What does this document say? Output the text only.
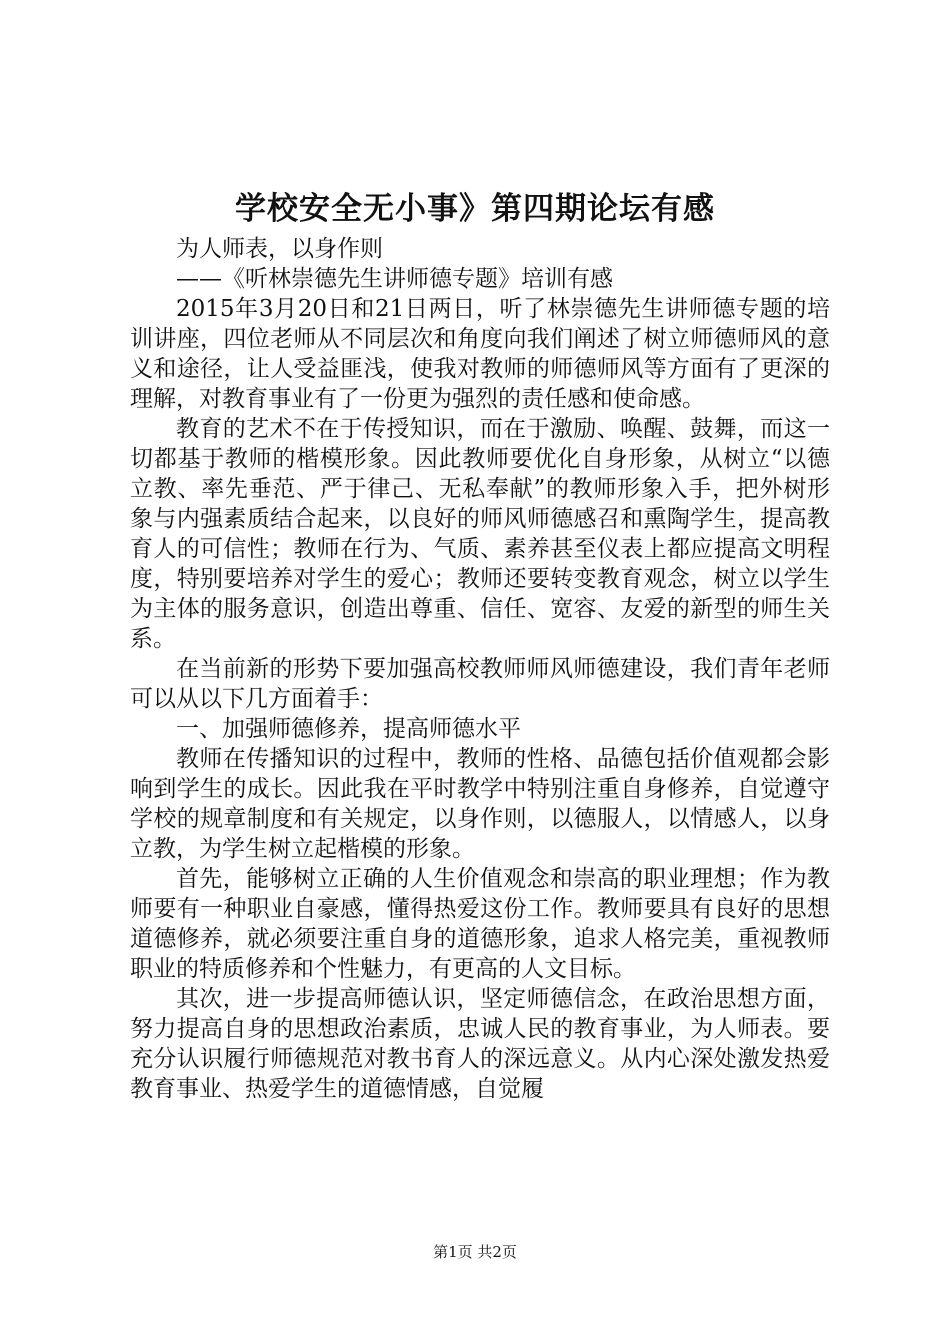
学校安全无小事》第四期论坛有感

为人师表，以身作则

——《听林崇德先生讲师德专题》培训有感

2015年3月20日和21日两日，听了林崇德先生讲师德专题的培训讲座，四位老师从不同层次和角度向我们阐述了树立师德师风的意义和途径，让人受益匪浅，使我对教师的师德师风等方面有了更深的理解，对教育事业有了一份更为强烈的责任感和使命感。

教育的艺术不在于传授知识，而在于激励、唤醒、鼓舞，而这一切都基于教师的楷模形象。因此教师要优化自身形象，从树立“以德立教、率先垂范、严于律己、无私奉献”的教师形象入手，把外树形象与内强素质结合起来，以良好的师风师德感召和熏陶学生，提高教育人的可信性；教师在行为、气质、素养甚至仪表上都应提高文明程度，特别要培养对学生的爱心；教师还要转变教育观念，树立以学生为主体的服务意识，创造出尊重、信任、宽容、友爱的新型的师生关系。

在当前新的形势下要加强高校教师师风师德建设，我们青年老师可以从以下几方面着手：

一、加强师德修养，提高师德水平

教师在传播知识的过程中，教师的性格、品德包括价值观都会影响到学生的成长。因此我在平时教学中特别注重自身修养，自觉遵守学校的规章制度和有关规定，以身作则，以德服人，以情感人，以身立教，为学生树立起楷模的形象。

首先，能够树立正确的人生价值观念和崇高的职业理想；作为教师要有一种职业自豪感，懂得热爱这份工作。教师要具有良好的思想道德修养，就必须要注重自身的道德形象，追求人格完美，重视教师职业的特质修养和个性魅力，有更高的人文目标。

其次，进一步提高师德认识，坚定师德信念，在政治思想方面，努力提高自身的思想政治素质，忠诚人民的教育事业，为人师表。要充分认识履行师德规范对教书育人的深远意义。从内心深处激发热爱教育事业、热爱学生的道德情感，自觉履

第1页 共2页
